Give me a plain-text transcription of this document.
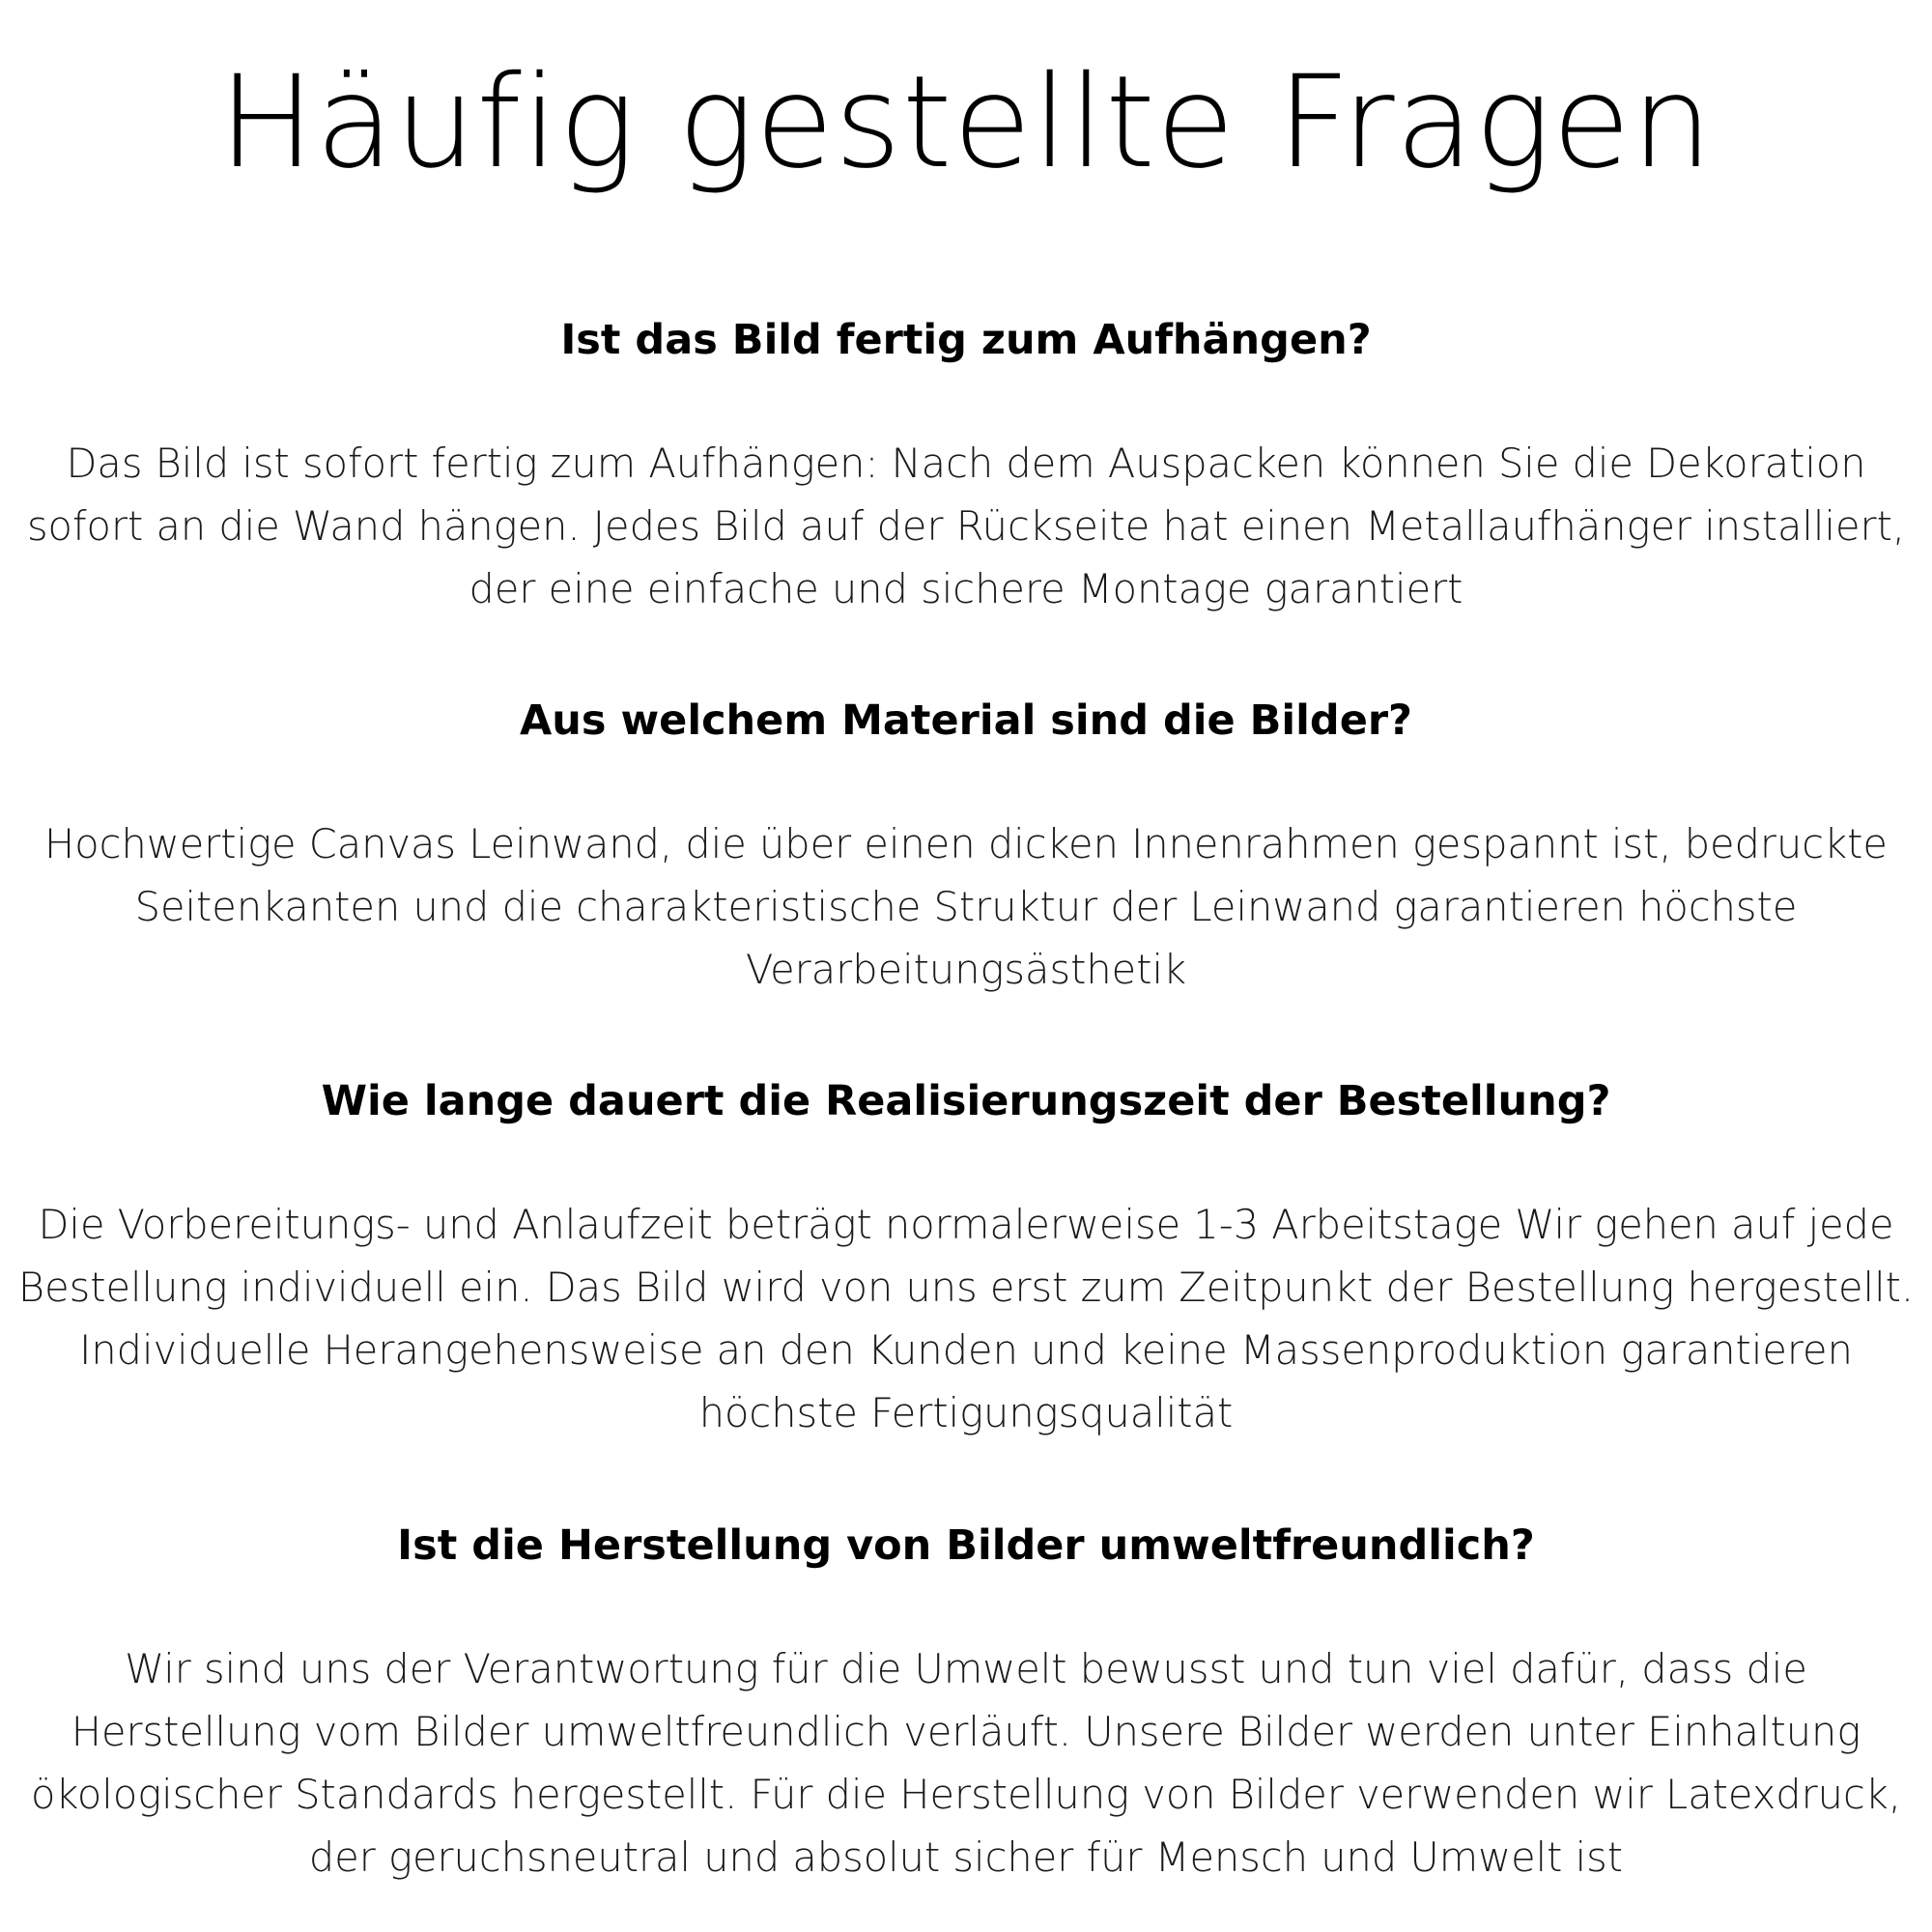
Häufig gestellte Fragen
Ist das Bild fertig zum Aufhängen?

Das Bild ist sofort fertig zum Aufhängen: Nach dem Auspacken können Sie die Dekoration sofort an die Wand hängen. Jedes Bild auf der Rückseite hat einen Metallaufhänger installiert, der eine einfache und sichere Montage garantiert

Aus welchem Material sind die Bilder?

Hochwertige Canvas Leinwand, die über einen dicken Innenrahmen gespannt ist, bedruckte Seitenkanten und die charakteristische Struktur der Leinwand garantieren höchste Verarbeitungsästhetik

Wie lange dauert die Realisierungszeit der Bestellung?

Die Vorbereitungs- und Anlaufzeit beträgt normalerweise 1-3 Arbeitstage Wir gehen auf jede Bestellung individuell ein. Das Bild wird von uns erst zum Zeitpunkt der Bestellung hergestellt. Individuelle Herangehensweise an den Kunden und keine Massenproduktion garantieren höchste Fertigungsqualität

Ist die Herstellung von Bilder umweltfreundlich?

Wir sind uns der Verantwortung für die Umwelt bewusst und tun viel dafür, dass die Herstellung vom Bilder umweltfreundlich verläuft. Unsere Bilder werden unter Einhaltung ökologischer Standards hergestellt. Für die Herstellung von Bilder verwenden wir Latexdruck, der geruchsneutral und absolut sicher für Mensch und Umwelt ist
